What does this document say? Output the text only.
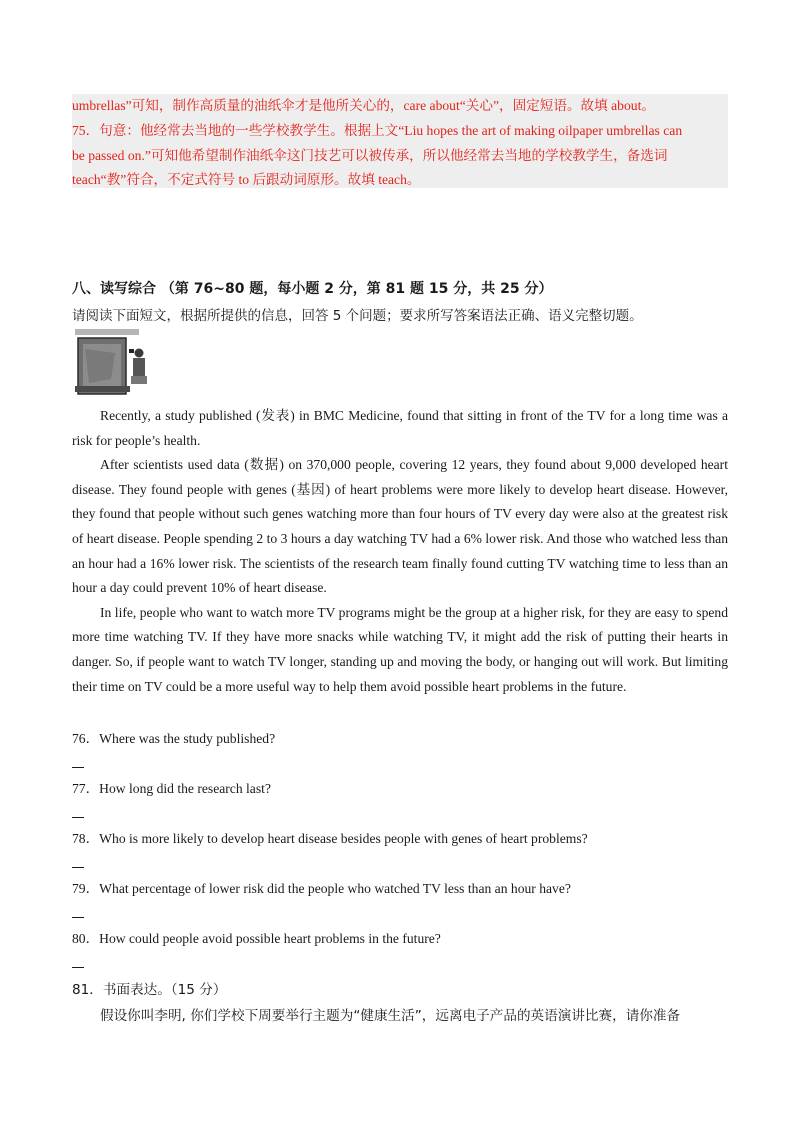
umbrellas”可知，制作高质量的油纸伞才是他所关心的，care about“关心”，固定短语。故填 about。

75．句意：他经常去当地的一些学校教学生。根据上文“Liu hopes the art of making oilpaper umbrellas can

be passed on.”可知他希望制作油纸伞这门技艺可以被传承，所以他经常去当地的学校教学生，备选词

teach“教”符合，不定式符号 to 后跟动词原形。故填 teach。

八、读写综合 （第 76~80 题，每小题 2 分，第 81 题 15 分，共 25 分）
请阅读下面短文，根据所提供的信息，回答 5 个问题；要求所写答案语法正确、语义完整切题。

Recently, a study published (发表) in BMC Medicine, found that sitting in front of the TV for a long time was a risk for people’s health.

After scientists used data (数据) on 370,000 people, covering 12 years, they found about 9,000 developed heart disease. They found people with genes (基因) of heart problems were more likely to develop heart disease. However, they found that people without such genes watching more than four hours of TV every day were also at the greatest risk of heart disease. People spending 2 to 3 hours a day watching TV had a 6% lower risk. And those who watched less than an hour had a 16% lower risk. The scientists of the research team finally found cutting TV watching time to less than an hour a day could prevent 10% of heart disease.

In life, people who want to watch more TV programs might be the group at a higher risk, for they are easy to spend more time watching TV. If they have more snacks while watching TV, it might add the risk of putting their hearts in danger. So, if people want to watch TV longer, standing up and moving the body, or hanging out will work. But limiting their time on TV could be a more useful way to help them avoid possible heart problems in the future.

76．Where was the study published?
77．How long did the research last?
78．Who is more likely to develop heart disease besides people with genes of heart problems?
79．What percentage of lower risk did the people who watched TV less than an hour have?
80．How could people avoid possible heart problems in the future?
81．书面表达。（15 分）
假设你叫李明, 你们学校下周要举行主题为“健康生活”，远离电子产品的英语演讲比赛，请你准备
